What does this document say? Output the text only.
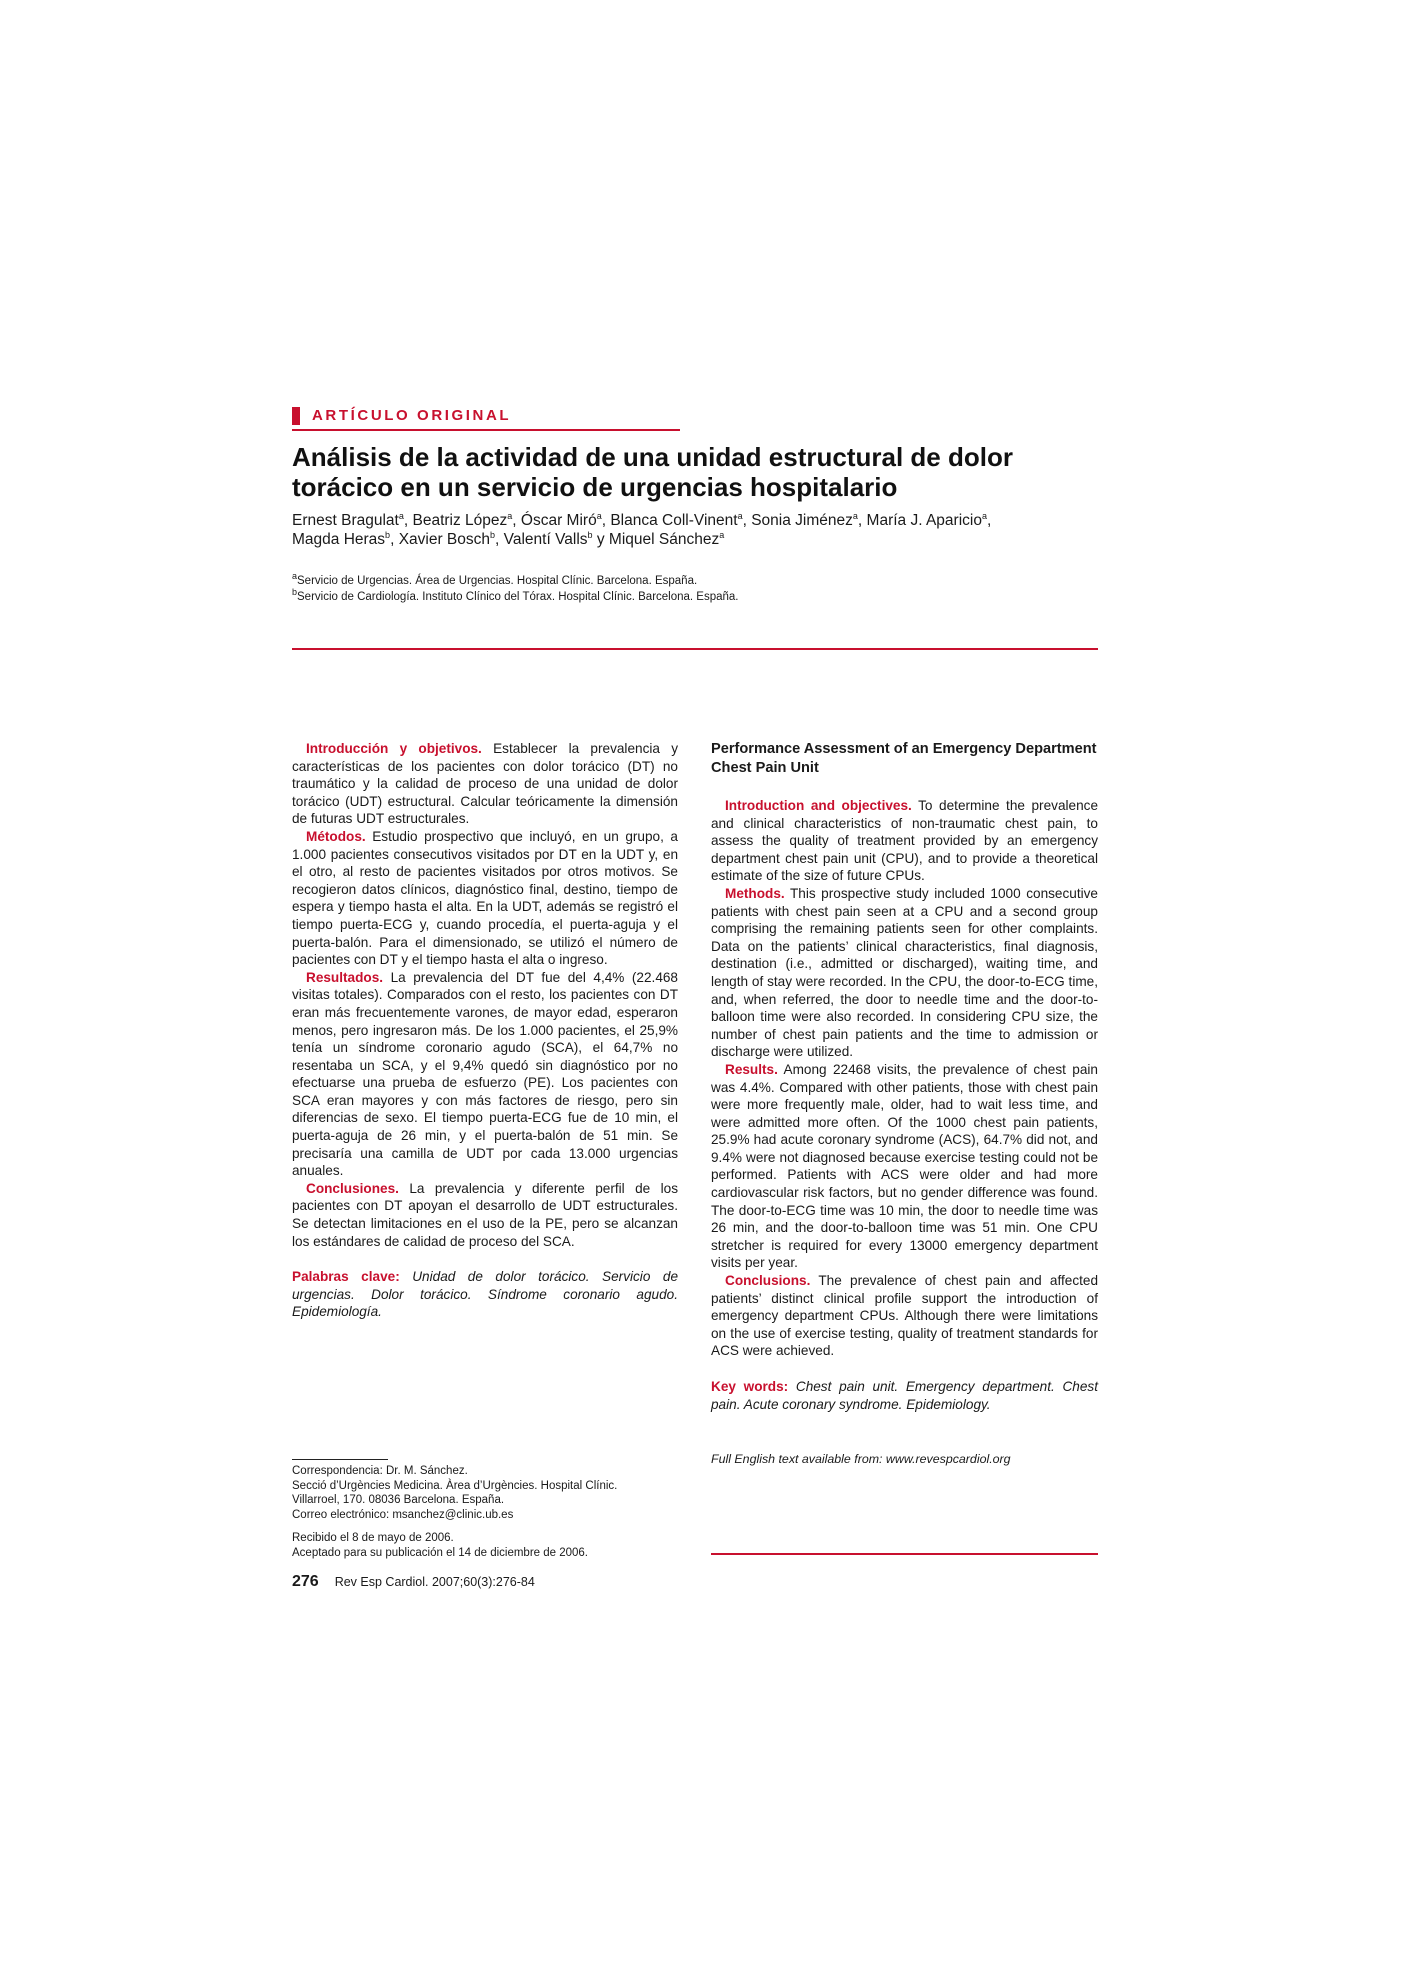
ARTÍCULO ORIGINAL
Análisis de la actividad de una unidad estructural de dolor torácico en un servicio de urgencias hospitalario
Ernest Bragulat$^a$, Beatriz López$^a$, Óscar Miró$^a$, Blanca Coll-Vinent$^a$, Sonia Jiménez$^a$, María J. Aparicio$^a$,
Magda Heras$^b$, Xavier Bosch$^b$, Valentí Valls$^b$ y Miquel Sánchez$^a$
$^a$Servicio de Urgencias. Área de Urgencias. Hospital Clínic. Barcelona. España.
$^b$Servicio de Cardiología. Instituto Clínico del Tórax. Hospital Clínic. Barcelona. España.

Introducción y objetivos. Establecer la prevalencia y características de los pacientes con dolor torácico (DT) no traumático y la calidad de proceso de una unidad de dolor torácico (UDT) estructural. Calcular teóricamente la dimensión de futuras UDT estructurales.

Métodos. Estudio prospectivo que incluyó, en un grupo, a 1.000 pacientes consecutivos visitados por DT en la UDT y, en el otro, al resto de pacientes visitados por otros motivos. Se recogieron datos clínicos, diagnóstico final, destino, tiempo de espera y tiempo hasta el alta. En la UDT, además se registró el tiempo puerta-ECG y, cuando procedía, el puerta-aguja y el puerta-balón. Para el dimensionado, se utilizó el número de pacientes con DT y el tiempo hasta el alta o ingreso.

Resultados. La prevalencia del DT fue del 4,4% (22.468 visitas totales). Comparados con el resto, los pacientes con DT eran más frecuentemente varones, de mayor edad, esperaron menos, pero ingresaron más. De los 1.000 pacientes, el 25,9% tenía un síndrome coronario agudo (SCA), el 64,7% no resentaba un SCA, y el 9,4% quedó sin diagnóstico por no efectuarse una prueba de esfuerzo (PE). Los pacientes con SCA eran mayores y con más factores de riesgo, pero sin diferencias de sexo. El tiempo puerta-ECG fue de 10 min, el puerta-aguja de 26 min, y el puerta-balón de 51 min. Se precisaría una camilla de UDT por cada 13.000 urgencias anuales.

Conclusiones. La prevalencia y diferente perfil de los pacientes con DT apoyan el desarrollo de UDT estructurales. Se detectan limitaciones en el uso de la PE, pero se alcanzan los estándares de calidad de proceso del SCA.

Palabras clave: Unidad de dolor torácico. Servicio de urgencias. Dolor torácico. Síndrome coronario agudo. Epidemiología.

Performance Assessment of an Emergency Department Chest Pain Unit

Introduction and objectives. To determine the prevalence and clinical characteristics of non-traumatic chest pain, to assess the quality of treatment provided by an emergency department chest pain unit (CPU), and to provide a theoretical estimate of the size of future CPUs.

Methods. This prospective study included 1000 consecutive patients with chest pain seen at a CPU and a second group comprising the remaining patients seen for other complaints. Data on the patients’ clinical characteristics, final diagnosis, destination (i.e., admitted or discharged), waiting time, and length of stay were recorded. In the CPU, the door-to-ECG time, and, when referred, the door to needle time and the door-to-balloon time were also recorded. In considering CPU size, the number of chest pain patients and the time to admission or discharge were utilized.

Results. Among 22468 visits, the prevalence of chest pain was 4.4%. Compared with other patients, those with chest pain were more frequently male, older, had to wait less time, and were admitted more often. Of the 1000 chest pain patients, 25.9% had acute coronary syndrome (ACS), 64.7% did not, and 9.4% were not diagnosed because exercise testing could not be performed. Patients with ACS were older and had more cardiovascular risk factors, but no gender difference was found. The door-to-ECG time was 10 min, the door to needle time was 26 min, and the door-to-balloon time was 51 min. One CPU stretcher is required for every 13000 emergency department visits per year.

Conclusions. The prevalence of chest pain and affected patients’ distinct clinical profile support the introduction of emergency department CPUs. Although there were limitations on the use of exercise testing, quality of treatment standards for ACS were achieved.

Key words: Chest pain unit. Emergency department. Chest pain. Acute coronary syndrome. Epidemiology.

Full English text available from: www.revespcardiol.org

Correspondencia: Dr. M. Sánchez.
Secció d’Urgències Medicina. Àrea d’Urgències. Hospital Clínic.
Villarroel, 170. 08036 Barcelona. España.
Correo electrónico: msanchez@clinic.ub.es
Recibido el 8 de mayo de 2006.
Aceptado para su publicación el 14 de diciembre de 2006.
276 Rev Esp Cardiol. 2007;60(3):276-84
